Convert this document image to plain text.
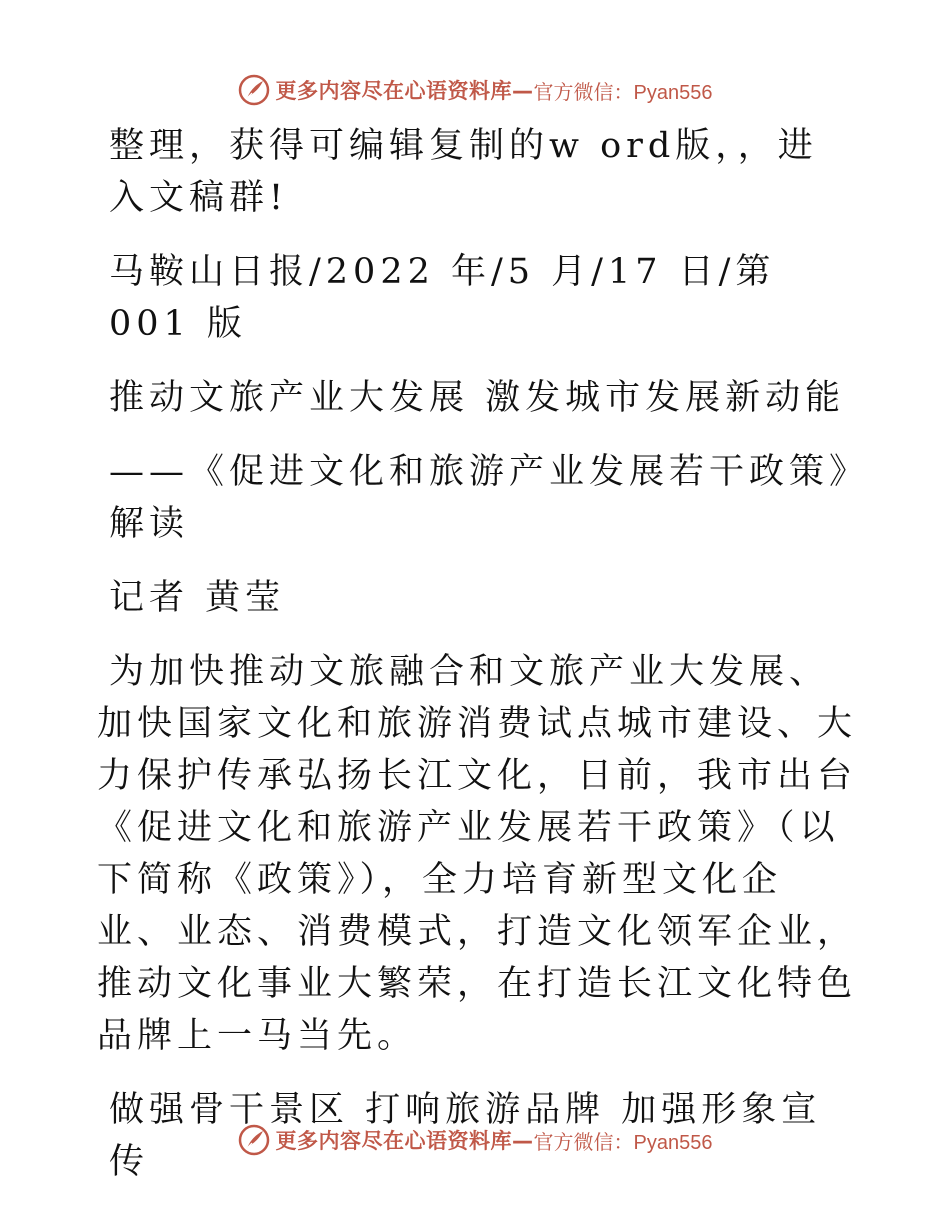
更多内容尽在心语资料库— 官方微信：Pyan556

整理，获得可编辑复制的w ord版，，进入文稿群!

马鞍山日报/2022 年/5 月/17 日/第 001 版

推动文旅产业大发展 激发城市发展新动能

——《促进文化和旅游产业发展若干政策》解读

记者 黄莹

为加快推动文旅融合和文旅产业大发展、加快国家文化和旅游消费试点城市建设、大力保护传承弘扬长江文化，日前，我市出台《促进文化和旅游产业发展若干政策》（以下简称《政策》），全力培育新型文化企业、业态、消费模式，打造文化领军企业，推动文化事业大繁荣，在打造长江文化特色品牌上一马当先。

做强骨干景区 打响旅游品牌 加强形象宣传

更多内容尽在心语资料库— 官方微信：Pyan556
